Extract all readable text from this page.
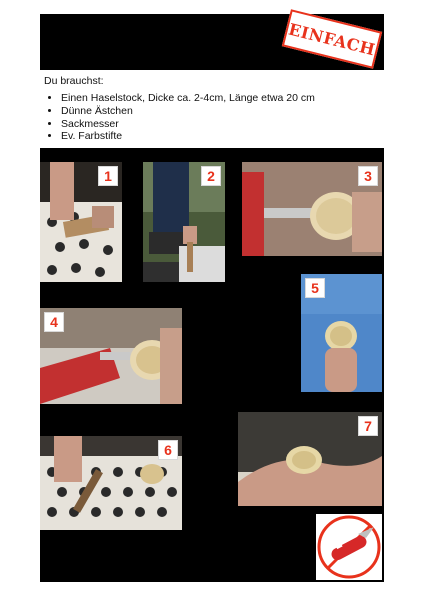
EINFACH
Du brauchst:
• Einen Haselstock, Dicke ca. 2-4cm, Länge etwa 20 cm
• Dünne Ästchen
• Sackmesser
• Ev. Farbstifte
1	2	3
4
5
6
7
